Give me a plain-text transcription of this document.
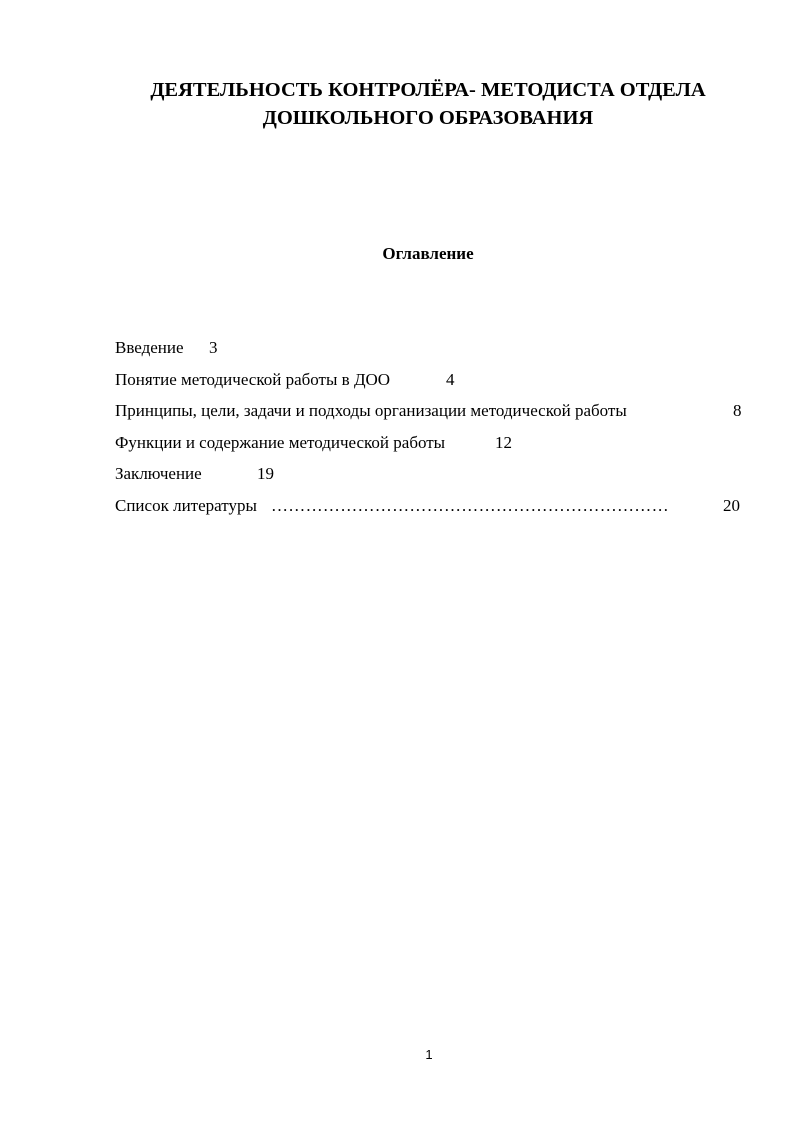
ДЕЯТЕЛЬНОСТЬ КОНТРОЛЁРА- МЕТОДИСТА ОТДЕЛА
ДОШКОЛЬНОГО ОБРАЗОВАНИЯ
Оглавление
Введение 3
Понятие методической работы в ДОО	4
Принципы, цели, задачи и подходы организации методической работы	8
Функции и содержание методической работы	12
Заключение	19
Список литературы ……………………………………………………………	20
1
